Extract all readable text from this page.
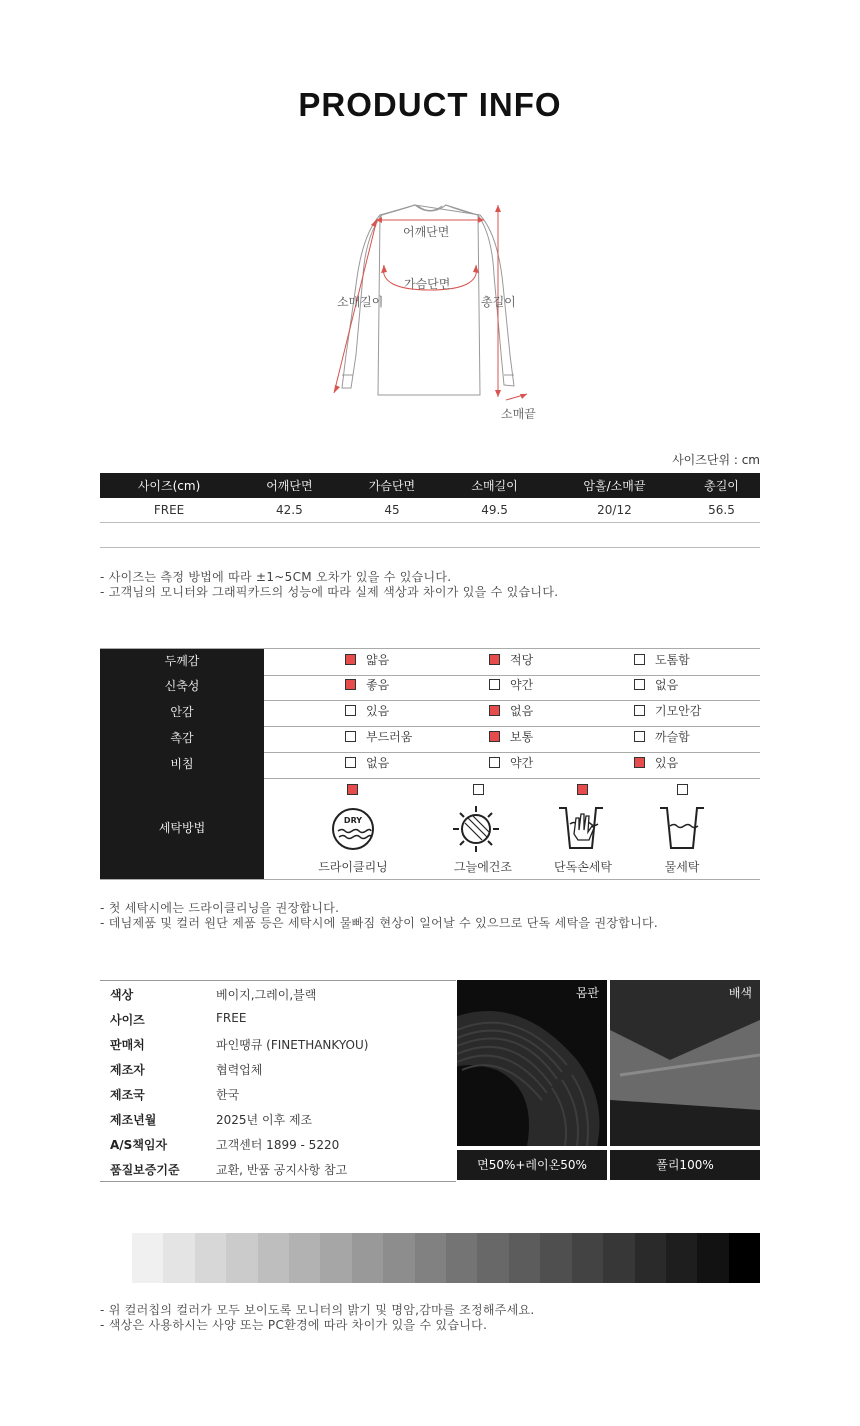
PRODUCT INFO
어깨단면
가슴단면
소매길이	총길이
소매끝
사이즈단위 : cm
사이즈(cm)	어깨단면	가슴단면	소매길이	암홀/소매끝	총길이
FREE	42.5	45	49.5	20/12	56.5

- 사이즈는 측정 방법에 따라 ±1~5CM 오차가 있을 수 있습니다.
- 고객님의 모니터와 그래픽카드의 성능에 따라 실제 색상과 차이가 있을 수 있습니다.
두께감	얇음	적당	도톰함
신축성	좋음	약간	없음
안감	있음	없음	기모안감
촉감	부드러움	보통	까슬함
비침	없음	약간	있음
세탁방법
DRY
드라이클리닝	그늘에건조	단독손세탁	물세탁
- 첫 세탁시에는 드라이클리닝을 권장합니다.
- 데님제품 및 컬러 원단 제품 등은 세탁시에 물빠짐 현상이 일어날 수 있으므로 단독 세탁을 권장합니다.
색상	베이지,그레이,블랙
사이즈	FREE
판매처	파인땡큐 (FINETHANKYOU)
제조자	협력업체
제조국	한국
제조년월	2025년 이후 제조
A/S책임자	고객센터 1899 - 5220
품질보증기준	교환, 반품 공지사항 참고
몸판	배색
면50%+레이온50%	폴리100%
- 위 컬러칩의 컬러가 모두 보이도록 모니터의 밝기 및 명암,감마를 조정해주세요.
- 색상은 사용하시는 사양 또는 PC환경에 따라 차이가 있을 수 있습니다.
